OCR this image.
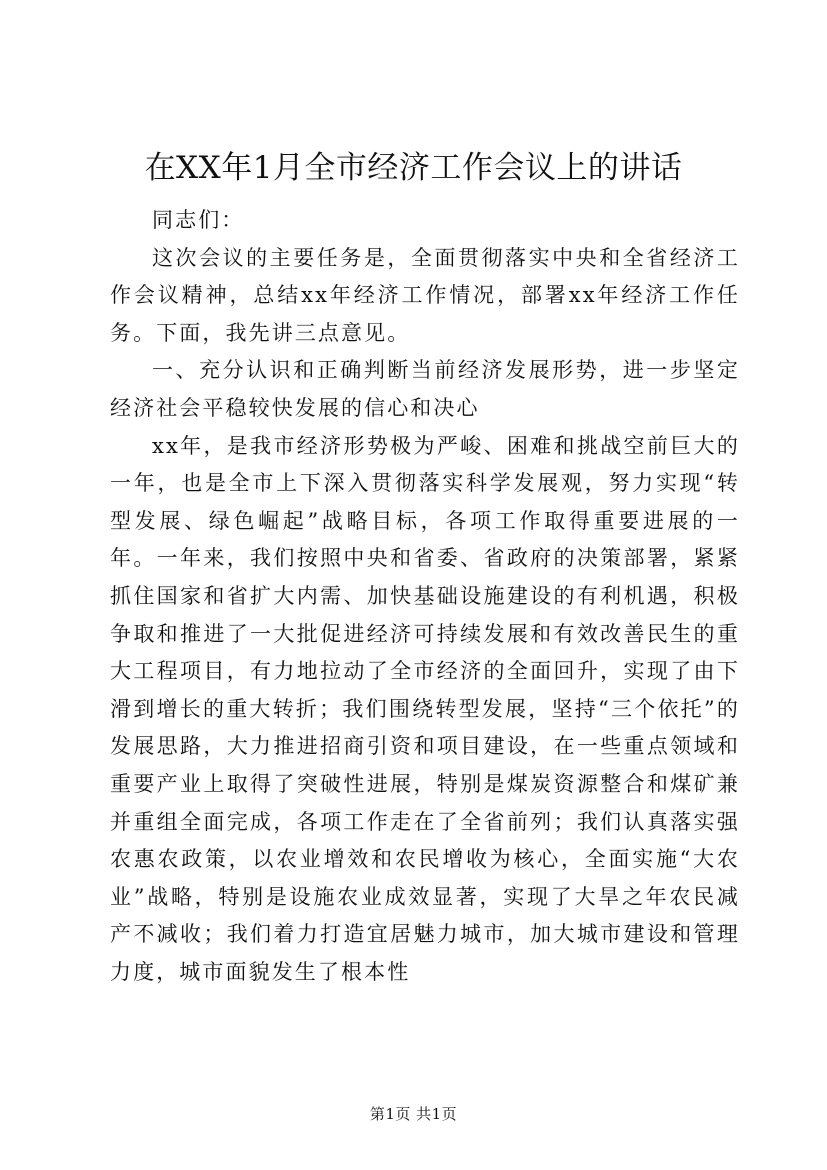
在XX年1月全市经济工作会议上的讲话

同志们：

这次会议的主要任务是，全面贯彻落实中央和全省经济工作会议精神，总结xx年经济工作情况，部署xx年经济工作任务。下面，我先讲三点意见。

一、充分认识和正确判断当前经济发展形势，进一步坚定经济社会平稳较快发展的信心和决心

xx年，是我市经济形势极为严峻、困难和挑战空前巨大的一年，也是全市上下深入贯彻落实科学发展观，努力实现“转型发展、绿色崛起”战略目标，各项工作取得重要进展的一年。一年来，我们按照中央和省委、省政府的决策部署，紧紧抓住国家和省扩大内需、加快基础设施建设的有利机遇，积极争取和推进了一大批促进经济可持续发展和有效改善民生的重大工程项目，有力地拉动了全市经济的全面回升，实现了由下滑到增长的重大转折；我们围绕转型发展，坚持“三个依托”的发展思路，大力推进招商引资和项目建设，在一些重点领域和重要产业上取得了突破性进展，特别是煤炭资源整合和煤矿兼并重组全面完成，各项工作走在了全省前列；我们认真落实强农惠农政策，以农业增效和农民增收为核心，全面实施“大农业”战略，特别是设施农业成效显著，实现了大旱之年农民减产不减收；我们着力打造宜居魅力城市，加大城市建设和管理力度，城市面貌发生了根本性

第1页 共1页
